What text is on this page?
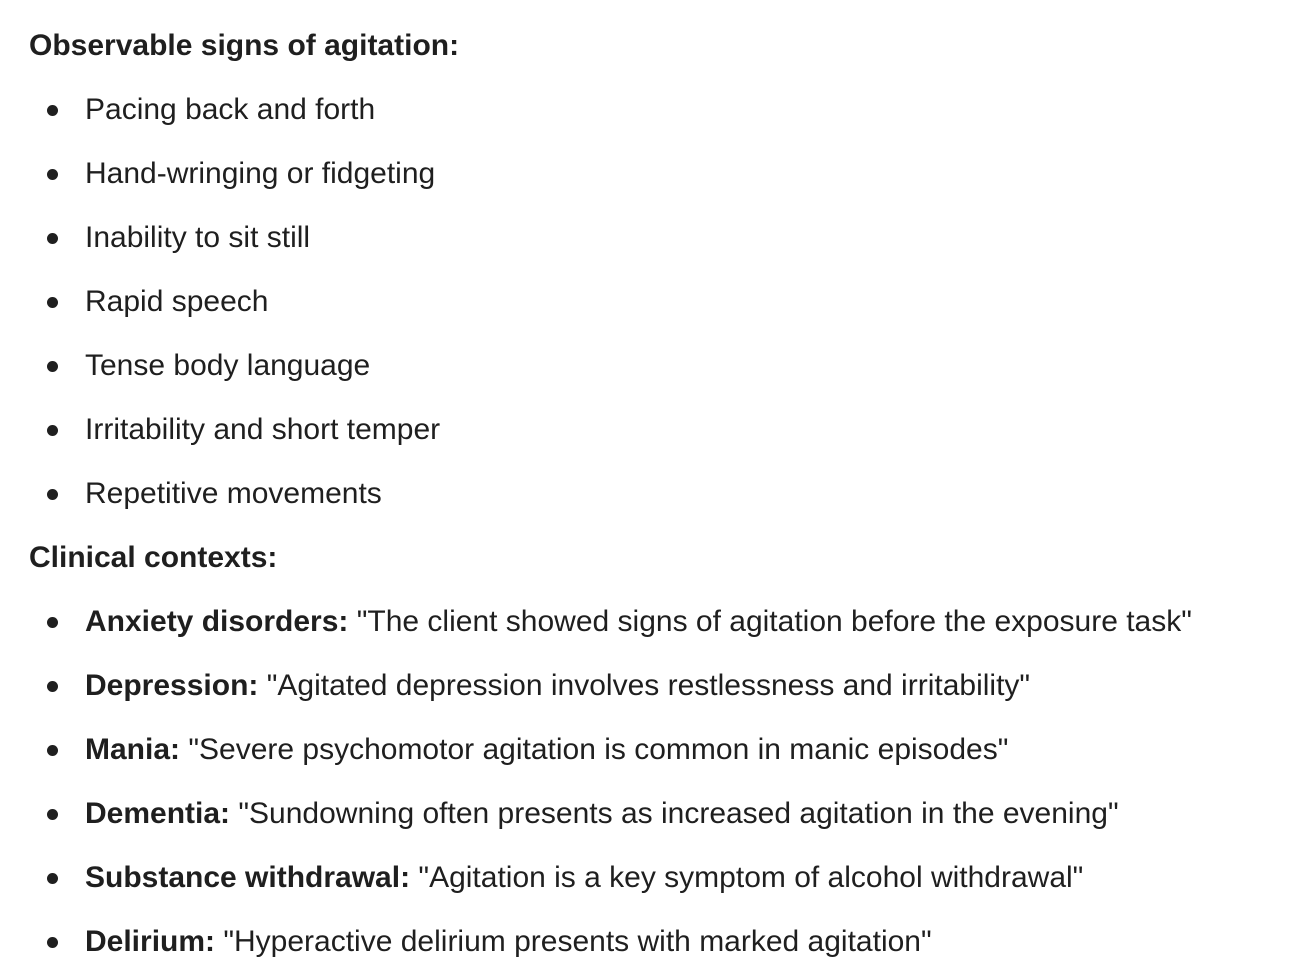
Observable signs of agitation:
Pacing back and forth
Hand-wringing or fidgeting
Inability to sit still
Rapid speech
Tense body language
Irritability and short temper
Repetitive movements
Clinical contexts:
Anxiety disorders: "The client showed signs of agitation before the exposure task"
Depression: "Agitated depression involves restlessness and irritability"
Mania: "Severe psychomotor agitation is common in manic episodes"
Dementia: "Sundowning often presents as increased agitation in the evening"
Substance withdrawal: "Agitation is a key symptom of alcohol withdrawal"
Delirium: "Hyperactive delirium presents with marked agitation"
